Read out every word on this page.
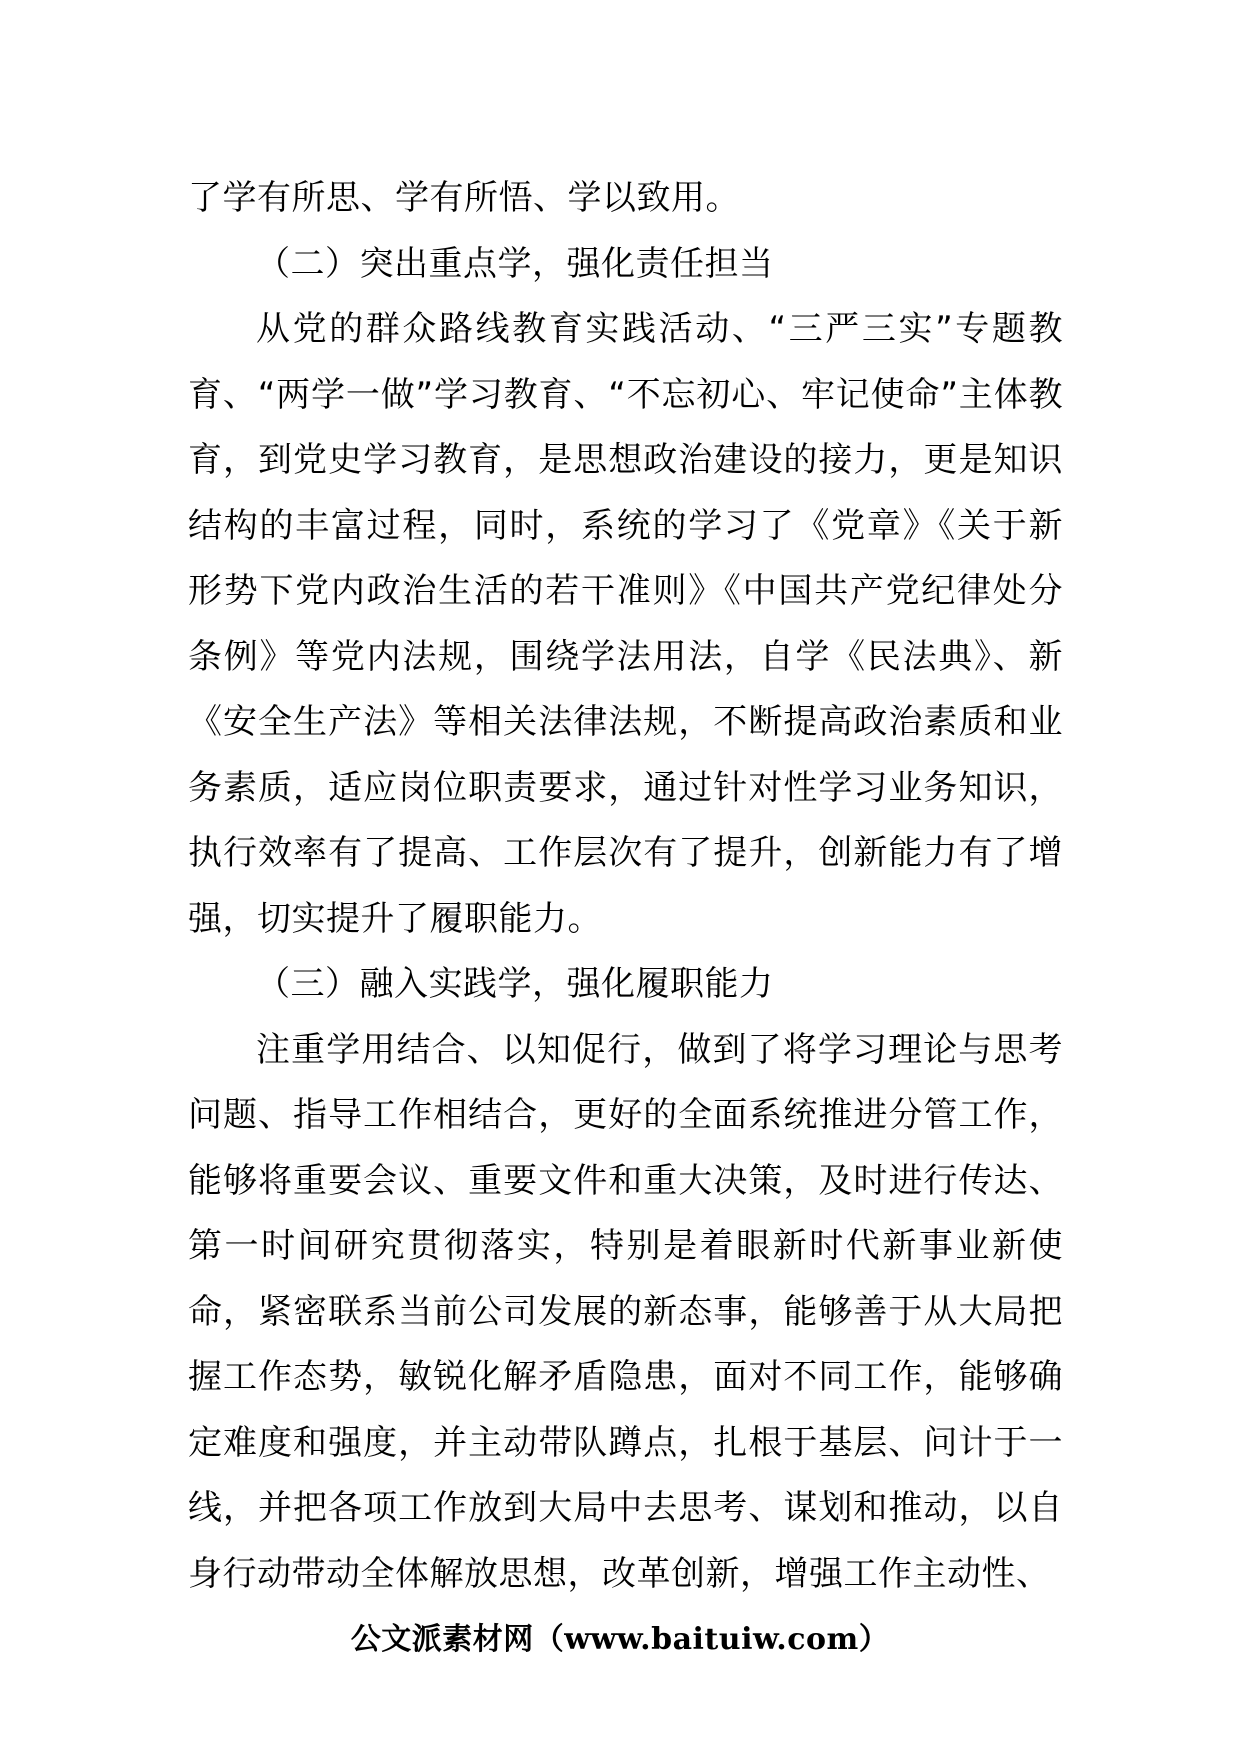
了学有所思、学有所悟、学以致用。

（二）突出重点学，强化责任担当

从党的群众路线教育实践活动、“三严三实”专题教育、“两学一做”学习教育、“不忘初心、牢记使命”主体教育，到党史学习教育，是思想政治建设的接力，更是知识结构的丰富过程，同时，系统的学习了《党章》《关于新形势下党内政治生活的若干准则》《中国共产党纪律处分条例》等党内法规，围绕学法用法，自学《民法典》、新《安全生产法》等相关法律法规，不断提高政治素质和业务素质，适应岗位职责要求，通过针对性学习业务知识，执行效率有了提高、工作层次有了提升，创新能力有了增强，切实提升了履职能力。

（三）融入实践学，强化履职能力

注重学用结合、以知促行，做到了将学习理论与思考问题、指导工作相结合，更好的全面系统推进分管工作，能够将重要会议、重要文件和重大决策，及时进行传达、第一时间研究贯彻落实，特别是着眼新时代新事业新使命，紧密联系当前公司发展的新态事，能够善于从大局把握工作态势，敏锐化解矛盾隐患，面对不同工作，能够确定难度和强度，并主动带队蹲点，扎根于基层、问计于一线，并把各项工作放到大局中去思考、谋划和推动，以自身行动带动全体解放思想，改革创新，增强工作主动性、

公文派素材网（www.baituiw.com）
